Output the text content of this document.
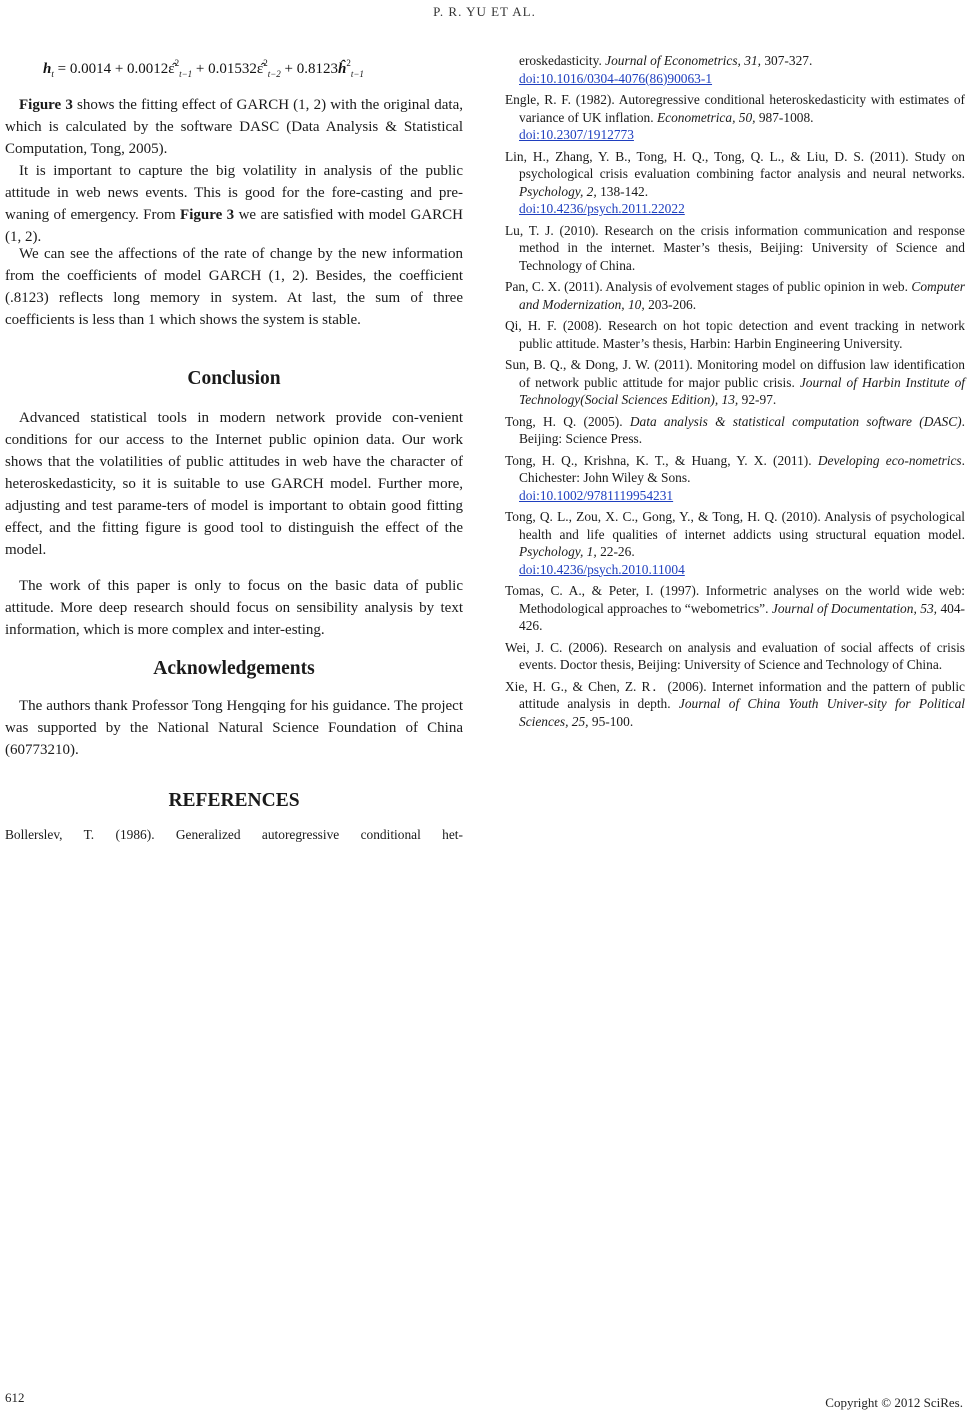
P. R. YU ET AL.
$h_t = 0.0014$ + 0.0012ε̂$^2_{t-1}$ + 0.01532ε̂$^2_{t-2}$ + $0.8123ĥ^2_{t-1}$

Figure 3 shows the fitting effect of GARCH (1, 2) with the original data, which is calculated by the software DASC (Data Analysis & Statistical Computation, Tong, 2005).

It is important to capture the big volatility in analysis of the public attitude in web news events. This is good for the fore-casting and pre-waning of emergency. From Figure 3 we are satisfied with model GARCH (1, 2).

We can see the affections of the rate of change by the new information from the coefficients of model GARCH (1, 2). Besides, the coefficient (.8123) reflects long memory in system. At last, the sum of three coefficients is less than 1 which shows the system is stable.

Conclusion

Advanced statistical tools in modern network provide con-venient conditions for our access to the Internet public opinion data. Our work shows that the volatilities of public attitudes in web have the character of heteroskedasticity, so it is suitable to use GARCH model. Further more, adjusting and test parame-ters of model is important to obtain good fitting effect, and the fitting figure is good tool to distinguish the effect of the model.

The work of this paper is only to focus on the basic data of public attitude. More deep research should focus on sensibility analysis by text information, which is more complex and inter-esting.

Acknowledgements

The authors thank Professor Tong Hengqing for his guidance. The project was supported by the National Natural Science Foundation of China (60773210).

REFERENCES

Bollerslev, T. (1986). Generalized autoregressive conditional het-

eroskedasticity. Journal of Econometrics, 31, 307-327.
doi:10.1016/0304-4076(86)90063-1

Engle, R. F. (1982). Autoregressive conditional heteroskedasticity with estimates of variance of UK inflation. Econometrica, 50, 987-1008.
doi:10.2307/1912773

Lin, H., Zhang, Y. B., Tong, H. Q., Tong, Q. L., & Liu, D. S. (2011). Study on psychological crisis evaluation combining factor analysis and neural networks. Psychology, 2, 138-142.
doi:10.4236/psych.2011.22022

Lu, T. J. (2010). Research on the crisis information communication and response method in the internet. Master’s thesis, Beijing: University of Science and Technology of China.

Pan, C. X. (2011). Analysis of evolvement stages of public opinion in web. Computer and Modernization, 10, 203-206.

Qi, H. F. (2008). Research on hot topic detection and event tracking in network public attitude. Master’s thesis, Harbin: Harbin Engineering University.

Sun, B. Q., & Dong, J. W. (2011). Monitoring model on diffusion law identification of network public attitude for major public crisis. Journal of Harbin Institute of Technology(Social Sciences Edition), 13, 92-97.

Tong, H. Q. (2005). Data analysis & statistical computation software (DASC). Beijing: Science Press.

Tong, H. Q., Krishna, K. T., & Huang, Y. X. (2011). Developing eco-nometrics. Chichester: John Wiley & Sons.
doi:10.1002/9781119954231

Tong, Q. L., Zou, X. C., Gong, Y., & Tong, H. Q. (2010). Analysis of psychological health and life qualities of internet addicts using structural equation model. Psychology, 1, 22-26.
doi:10.4236/psych.2010.11004

Tomas, C. A., & Peter, I. (1997). Informetric analyses on the world wide web: Methodological approaches to “webometrics”. Journal of Documentation, 53, 404-426.

Wei, J. C. (2006). Research on analysis and evaluation of social affects of crisis events. Doctor thesis, Beijing: University of Science and Technology of China.

Xie, H. G., & Chen, Z. R．(2006). Internet information and the pattern of public attitude analysis in depth. Journal of China Youth Univer-sity for Political Sciences, 25, 95-100.

612	Copyright © 2012 SciRes.
